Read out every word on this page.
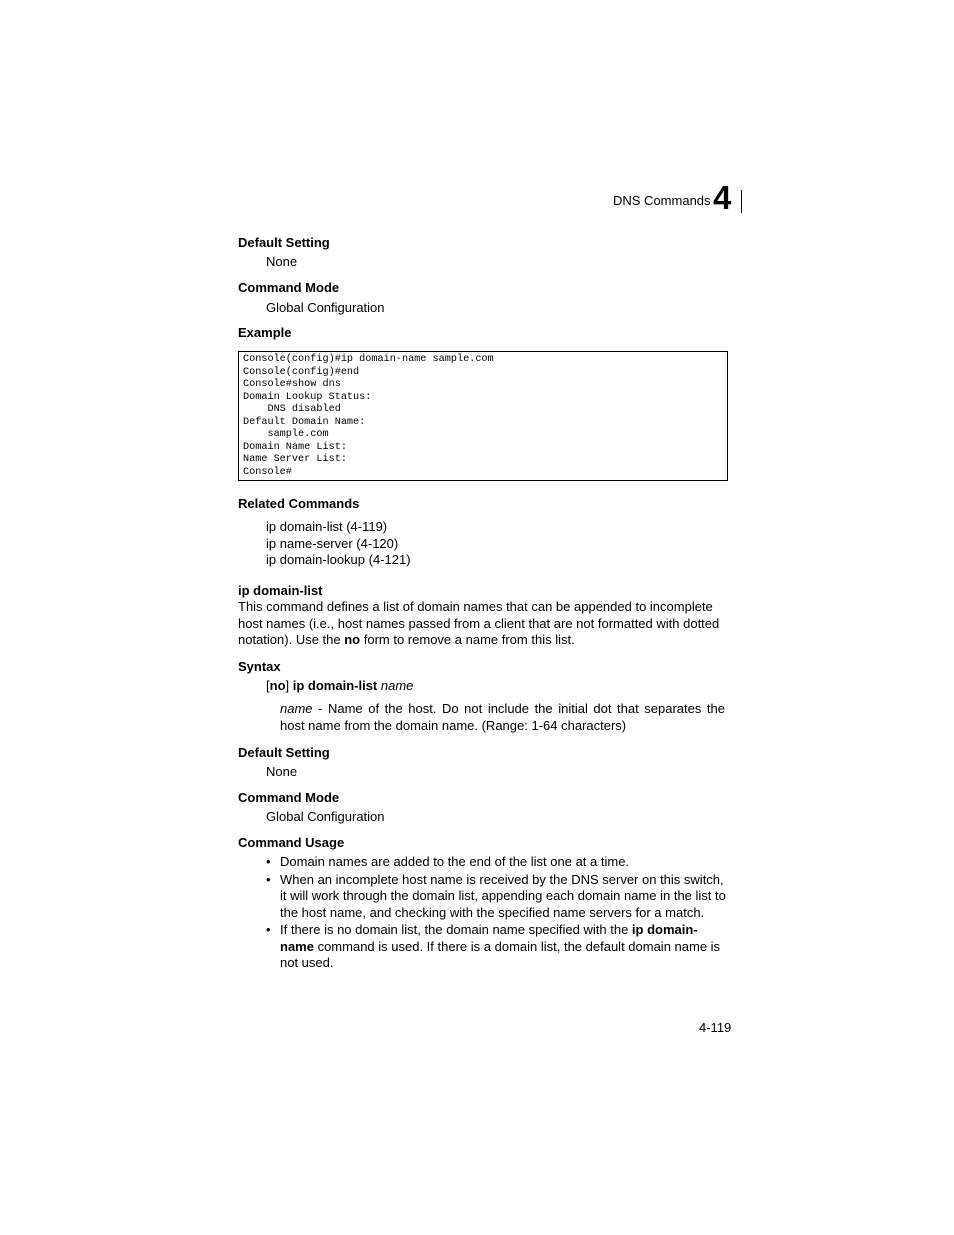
DNS Commands 4
Default Setting
None
Command Mode
Global Configuration
Example
Console(config)#ip domain-name sample.com
Console(config)#end
Console#show dns
Domain Lookup Status:
DNS disabled
Default Domain Name:
sample.com
Domain Name List:
Name Server List:
Console#
Related Commands
ip domain-list (4-119)
ip name-server (4-120)
ip domain-lookup (4-121)
ip domain-list
This command defines a list of domain names that can be appended to incomplete host names (i.e., host names passed from a client that are not formatted with dotted notation). Use the no form to remove a name from this list.
Syntax
[no] ip domain-list name
name - Name of the host. Do not include the initial dot that separates the host name from the domain name. (Range: 1-64 characters)
Default Setting
None
Command Mode
Global Configuration
Command Usage
• Domain names are added to the end of the list one at a time.
• When an incomplete host name is received by the DNS server on this switch, it will work through the domain list, appending each domain name in the list to the host name, and checking with the specified name servers for a match.
• If there is no domain list, the domain name specified with the ip domain-name command is used. If there is a domain list, the default domain name is not used.
4-119
